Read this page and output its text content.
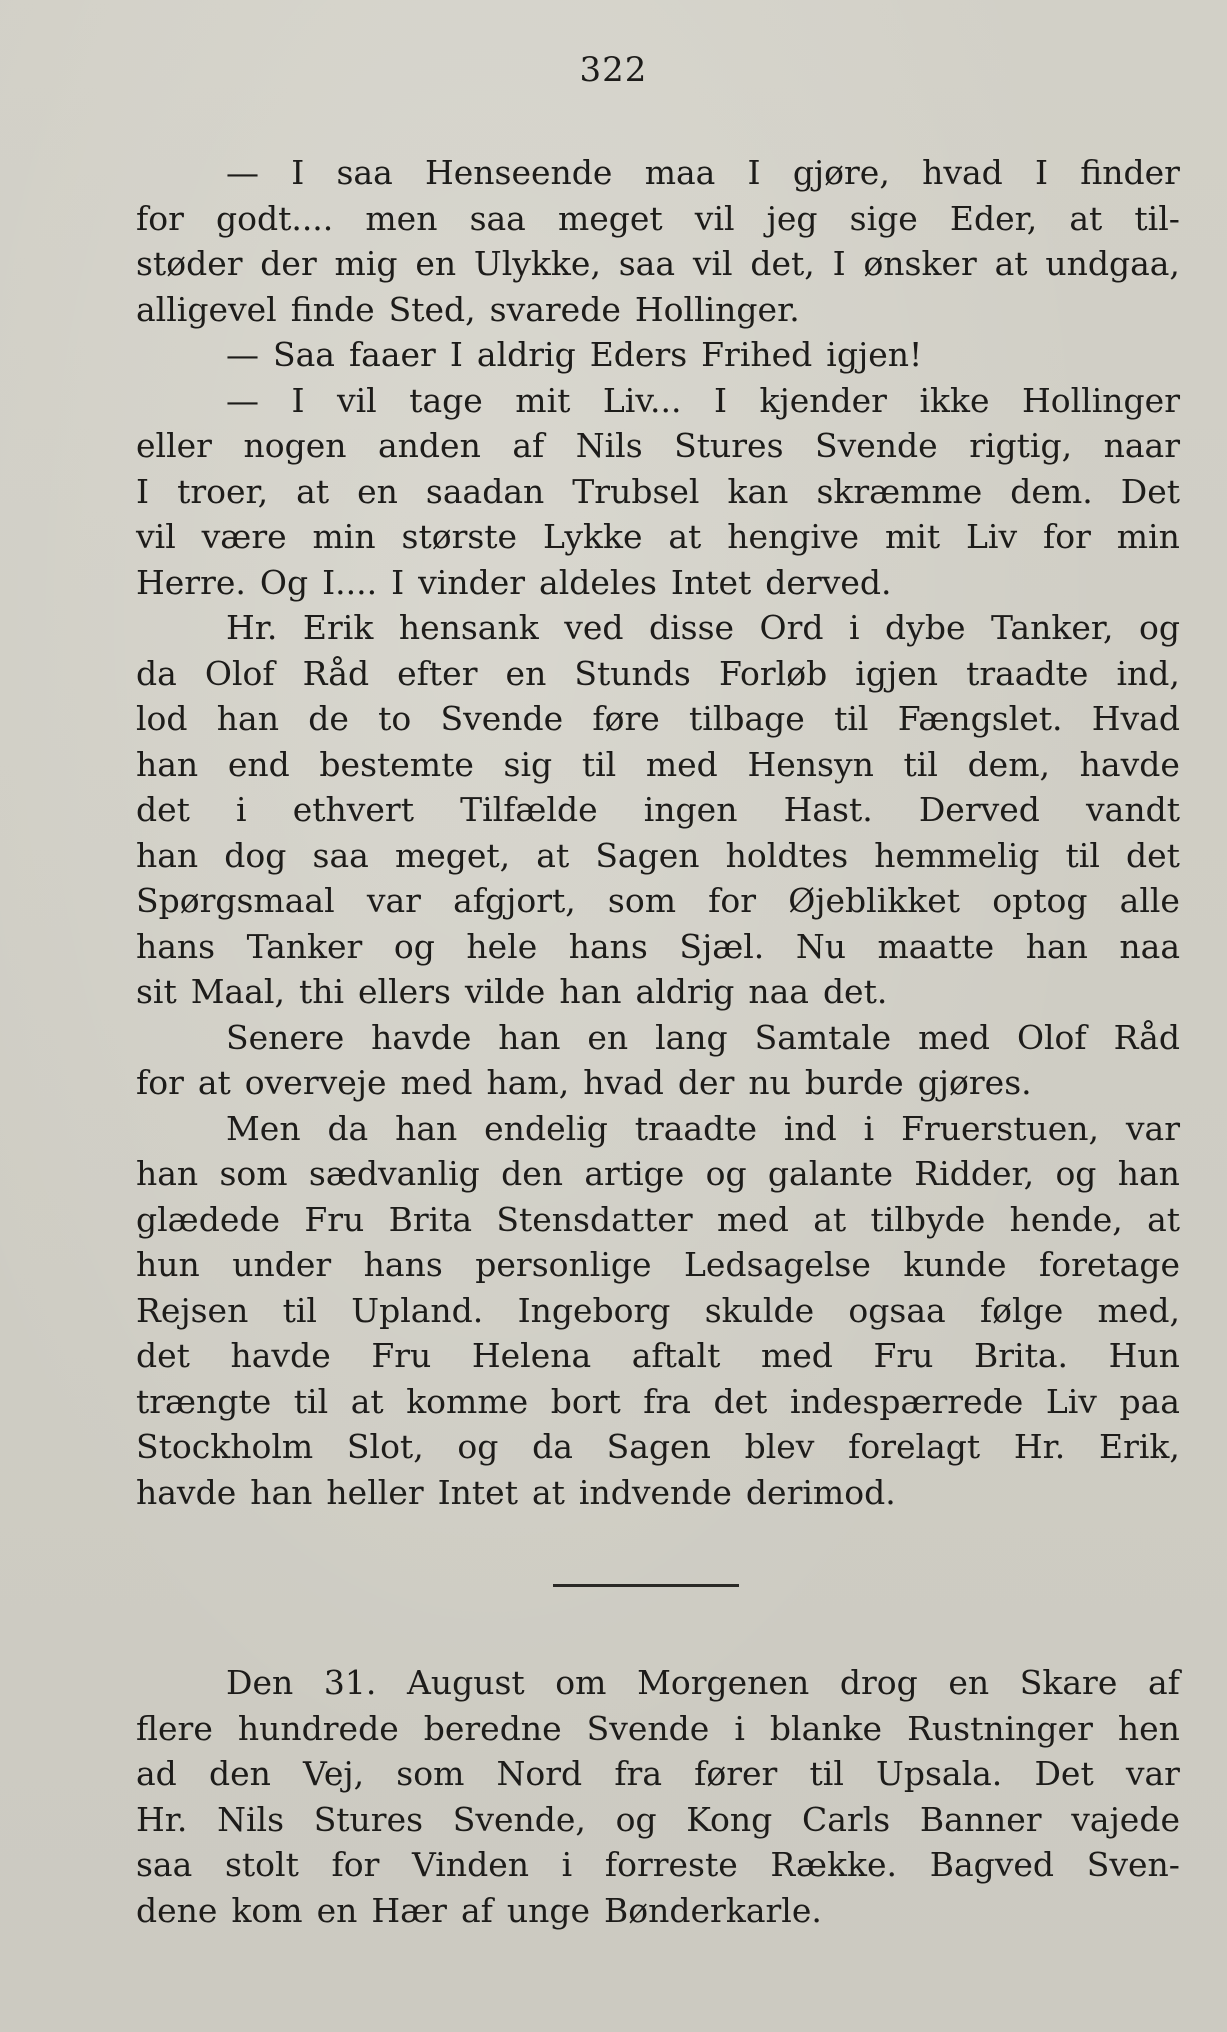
322
— I saa Henseende maa I gjøre, hvad I finder
for godt.... men saa meget vil jeg sige Eder, at til-
støder der mig en Ulykke, saa vil det, I ønsker at undgaa,
alligevel finde Sted, svarede Hollinger.
— Saa faaer I aldrig Eders Frihed igjen!
— I vil tage mit Liv... I kjender ikke Hollinger
eller nogen anden af Nils Stures Svende rigtig, naar
I troer, at en saadan Trubsel kan skræmme dem. Det
vil være min største Lykke at hengive mit Liv for min
Herre. Og I.... I vinder aldeles Intet derved.
Hr. Erik hensank ved disse Ord i dybe Tanker, og
da Olof Råd efter en Stunds Forløb igjen traadte ind,
lod han de to Svende føre tilbage til Fængslet. Hvad
han end bestemte sig til med Hensyn til dem, havde
det i ethvert Tilfælde ingen Hast. Derved vandt
han dog saa meget, at Sagen holdtes hemmelig til det
Spørgsmaal var afgjort, som for Øjeblikket optog alle
hans Tanker og hele hans Sjæl. Nu maatte han naa
sit Maal, thi ellers vilde han aldrig naa det.
Senere havde han en lang Samtale med Olof Råd
for at overveje med ham, hvad der nu burde gjøres.
Men da han endelig traadte ind i Fruerstuen, var
han som sædvanlig den artige og galante Ridder, og han
glædede Fru Brita Stensdatter med at tilbyde hende, at
hun under hans personlige Ledsagelse kunde foretage
Rejsen til Upland. Ingeborg skulde ogsaa følge med,
det havde Fru Helena aftalt med Fru Brita. Hun
trængte til at komme bort fra det indespærrede Liv paa
Stockholm Slot, og da Sagen blev forelagt Hr. Erik,
havde han heller Intet at indvende derimod.
Den 31. August om Morgenen drog en Skare af
flere hundrede beredne Svende i blanke Rustninger hen
ad den Vej, som Nord fra fører til Upsala. Det var
Hr. Nils Stures Svende, og Kong Carls Banner vajede
saa stolt for Vinden i forreste Række. Bagved Sven-
dene kom en Hær af unge Bønderkarle.
